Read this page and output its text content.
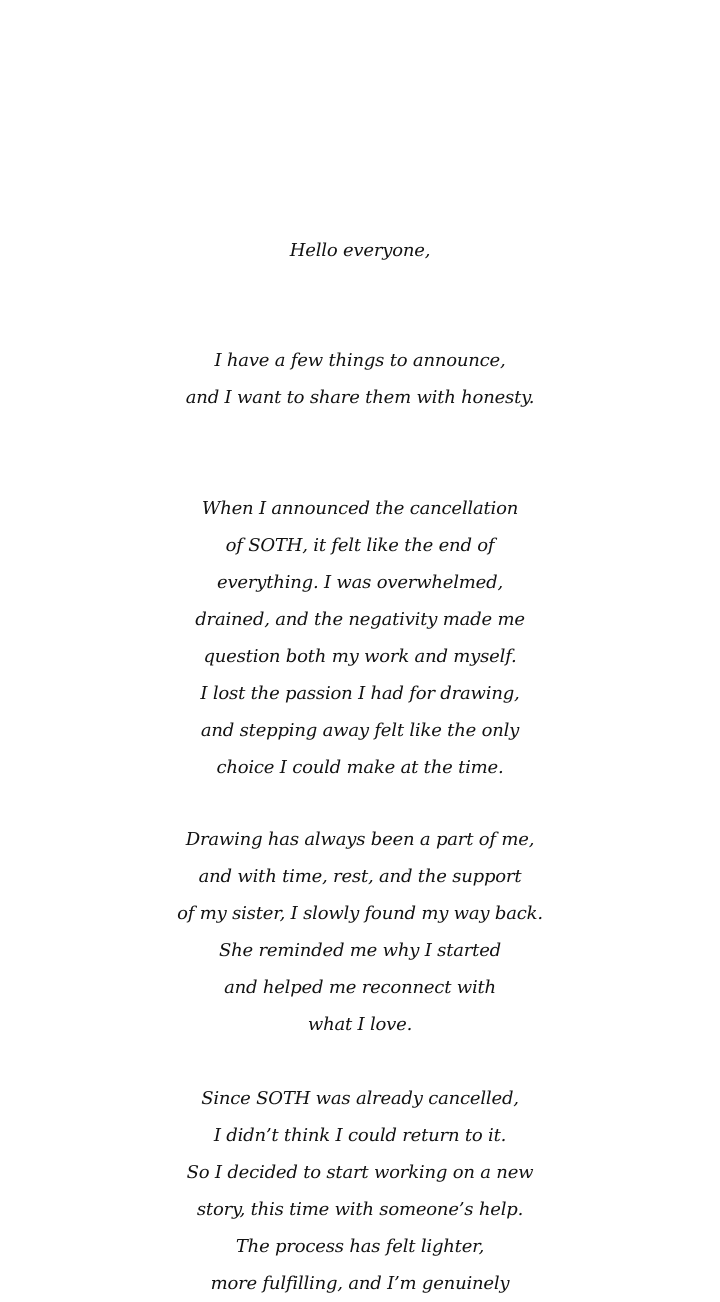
Hello everyone,
I have a few things to announce,
and I want to share them with honesty.
When I announced the cancellation
of SOTH, it felt like the end of
everything. I was overwhelmed,
drained, and the negativity made me
question both my work and myself.
I lost the passion I had for drawing,
and stepping away felt like the only
choice I could make at the time.
Drawing has always been a part of me,
and with time, rest, and the support
of my sister, I slowly found my way back.
She reminded me why I started
and helped me reconnect with
what I love.
Since SOTH was already cancelled,
I didn’t think I could return to it.
So I decided to start working on a new
story, this time with someone’s help.
The process has felt lighter,
more fulfilling, and I’m genuinely
